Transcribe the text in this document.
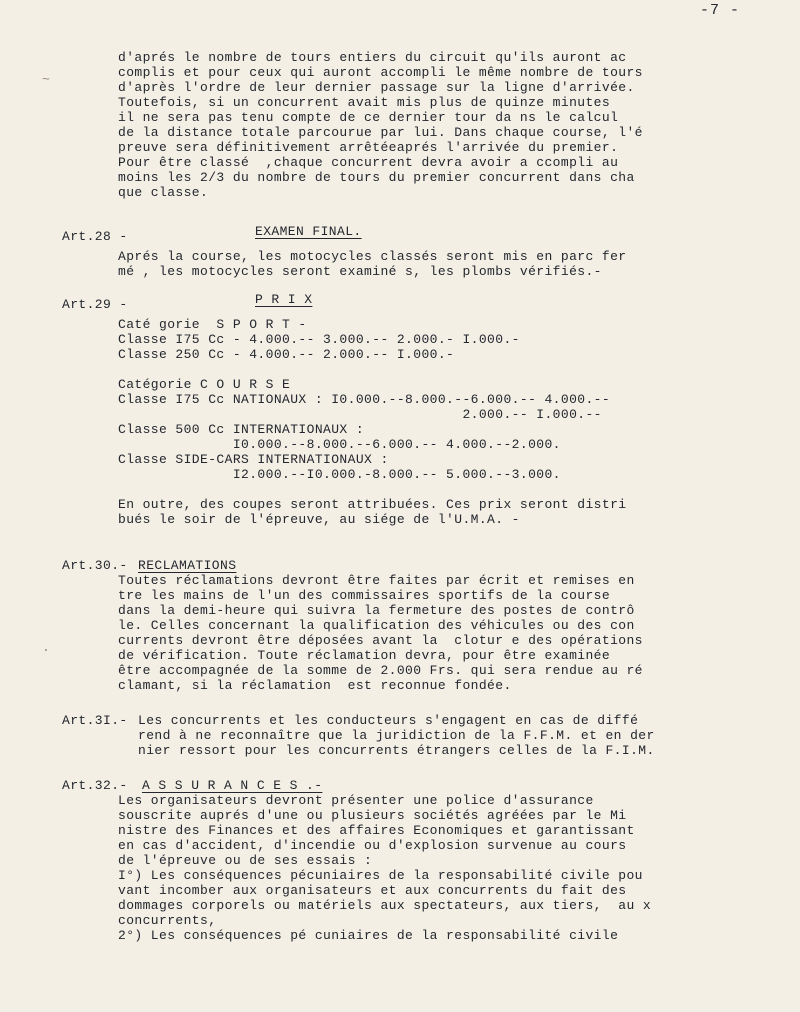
-7 -
~
.
d'aprés le nombre de tours entiers du circuit qu'ils auront ac
complis et pour ceux qui auront accompli le même nombre de tours
d'après l'ordre de leur dernier passage sur la ligne d'arrivée.
Toutefois, si un concurrent avait mis plus de quinze minutes
il ne sera pas tenu compte de ce dernier tour da ns le calcul
de la distance totale parcourue par lui. Dans chaque course, l'é
preuve sera définitivement arrêtéeaprés l'arrivée du premier.
Pour être classé  ,chaque concurrent devra avoir a ccompli au
moins les 2/3 du nombre de tours du premier concurrent dans cha
que classe.
Art.28 -	EXAMEN FINAL.
Aprés la course, les motocycles classés seront mis en parc fer
mé , les motocycles seront examiné s, les plombs vérifiés.-
Art.29 -	P R I X
Caté gorie  S P O R T -
Classe I75 Cc - 4.000.-- 3.000.-- 2.000.- I.000.-
Classe 250 Cc - 4.000.-- 2.000.-- I.000.-

Catégorie C O U R S E
Classe I75 Cc NATIONAUX : I0.000.--8.000.--6.000.-- 4.000.--
2.000.-- I.000.--
Classe 500 Cc INTERNATIONAUX :
I0.000.--8.000.--6.000.-- 4.000.--2.000.
Classe SIDE-CARS INTERNATIONAUX :
I2.000.--I0.000.-8.000.-- 5.000.--3.000.

En outre, des coupes seront attribuées. Ces prix seront distri
bués le soir de l'épreuve, au siége de l'U.M.A. -
Art.30.- RECLAMATIONS
Toutes réclamations devront être faites par écrit et remises en
tre les mains de l'un des commissaires sportifs de la course
dans la demi-heure qui suivra la fermeture des postes de contrô
le. Celles concernant la qualification des véhicules ou des con
currents devront être déposées avant la  clotur e des opérations
de vérification. Toute réclamation devra, pour être examinée
être accompagnée de la somme de 2.000 Frs. qui sera rendue au ré
clamant, si la réclamation  est reconnue fondée.
Art.3I.- Les concurrents et les conducteurs s'engagent en cas de diffé
rend à ne reconnaître que la juridiction de la F.F.M. et en der
nier ressort pour les concurrents étrangers celles de la F.I.M.
Art.32.- A S S U R A N C E S .-
Les organisateurs devront présenter une police d'assurance
souscrite auprés d'une ou plusieurs sociétés agréées par le Mi
nistre des Finances et des affaires Economiques et garantissant
en cas d'accident, d'incendie ou d'explosion survenue au cours
de l'épreuve ou de ses essais :
I°) Les conséquences pécuniaires de la responsabilité civile pou
vant incomber aux organisateurs et aux concurrents du fait des
dommages corporels ou matériels aux spectateurs, aux tiers,  au x
concurrents,
2°) Les conséquences pé cuniaires de la responsabilité civile
